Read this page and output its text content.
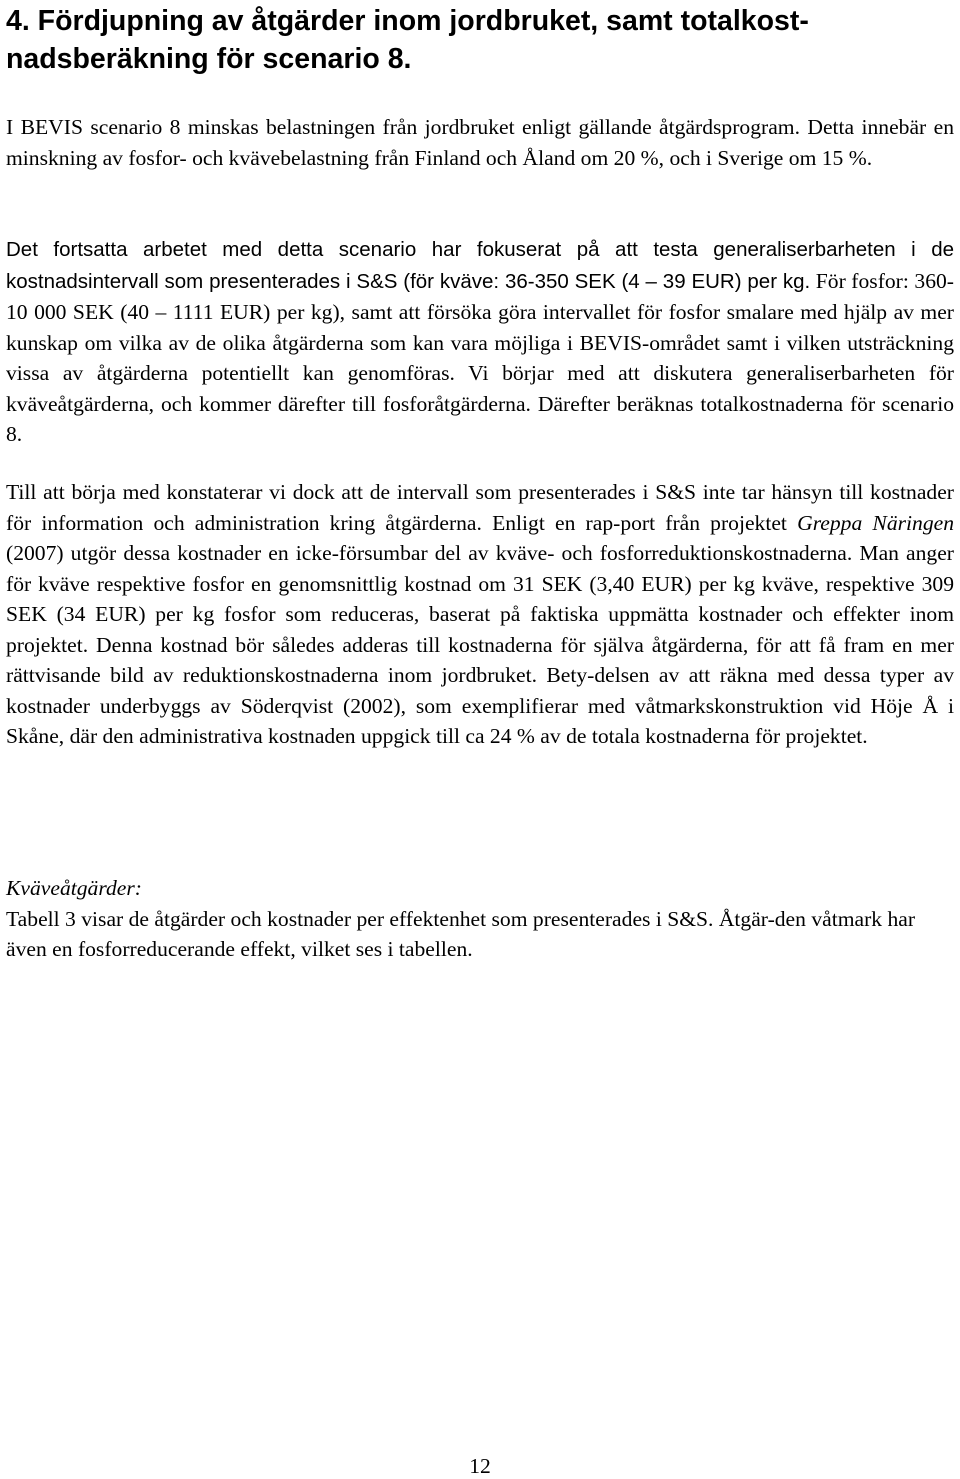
4. Fördjupning av åtgärder inom jordbruket, samt totalkost-nadsberäkning för scenario 8.

I BEVIS scenario 8 minskas belastningen från jordbruket enligt gällande åtgärdsprogram. Detta innebär en minskning av fosfor- och kvävebelastning från Finland och Åland om 20 %, och i Sverige om 15 %.

Det fortsatta arbetet med detta scenario har fokuserat på att testa generaliserbarheten i de kostnadsintervall som presenterades i S&S (för kväve: 36-350 SEK (4 – 39 EUR) per kg. För fosfor: 360-10 000 SEK (40 – 1111 EUR) per kg), samt att försöka göra intervallet för fosfor smalare med hjälp av mer kunskap om vilka av de olika åtgärderna som kan vara möjliga i BEVIS-området samt i vilken utsträckning vissa av åtgärderna potentiellt kan genomföras. Vi börjar med att diskutera generaliserbarheten för kväveåtgärderna, och kommer därefter till fosforåtgärderna. Därefter beräknas totalkostnaderna för scenario 8.

Till att börja med konstaterar vi dock att de intervall som presenterades i S&S inte tar hänsyn till kostnader för information och administration kring åtgärderna. Enligt en rap-port från projektet Greppa Näringen (2007) utgör dessa kostnader en icke-försumbar del av kväve- och fosforreduktionskostnaderna. Man anger för kväve respektive fosfor en genomsnittlig kostnad om 31 SEK (3,40 EUR) per kg kväve, respektive 309 SEK (34 EUR) per kg fosfor som reduceras, baserat på faktiska uppmätta kostnader och effekter inom projektet. Denna kostnad bör således adderas till kostnaderna för själva åtgärderna, för att få fram en mer rättvisande bild av reduktionskostnaderna inom jordbruket. Bety-delsen av att räkna med dessa typer av kostnader underbyggs av Söderqvist (2002), som exemplifierar med våtmarkskonstruktion vid Höje Å i Skåne, där den administrativa kostnaden uppgick till ca 24 % av de totala kostnaderna för projektet.

Kväveåtgärder:
Tabell 3 visar de åtgärder och kostnader per effektenhet som presenterades i S&S. Åtgär-den våtmark har även en fosforreducerande effekt, vilket ses i tabellen.

12
